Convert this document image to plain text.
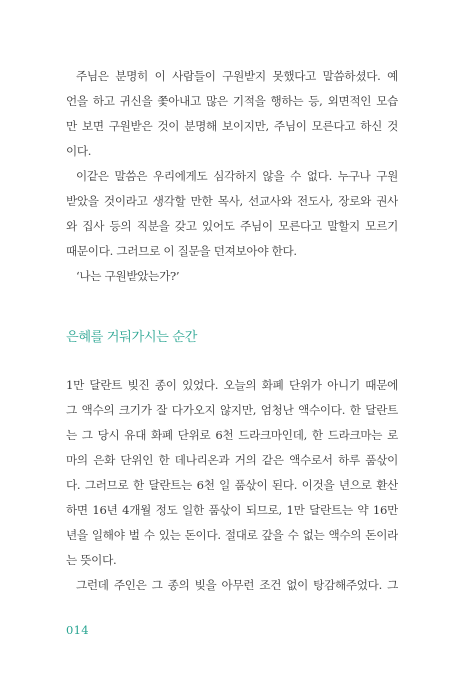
주님은 분명히 이 사람들이 구원받지 못했다고 말씀하셨다. 예
언을 하고 귀신을 쫓아내고 많은 기적을 행하는 등, 외면적인 모습
만 보면 구원받은 것이 분명해 보이지만, 주님이 모른다고 하신 것
이다.
이같은 말씀은 우리에게도 심각하지 않을 수 없다. 누구나 구원
받았을 것이라고 생각할 만한 목사, 선교사와 전도사, 장로와 권사
와 집사 등의 직분을 갖고 있어도 주님이 모른다고 말할지 모르기
때문이다. 그러므로 이 질문을 던져보아야 한다.
‘나는 구원받았는가?’
은혜를 거둬가시는 순간
1만 달란트 빚진 종이 있었다. 오늘의 화폐 단위가 아니기 때문에
그 액수의 크기가 잘 다가오지 않지만, 엄청난 액수이다. 한 달란트
는 그 당시 유대 화폐 단위로 6천 드라크마인데, 한 드라크마는 로
마의 은화 단위인 한 데나리온과 거의 같은 액수로서 하루 품삯이
다. 그러므로 한 달란트는 6천 일 품삯이 된다. 이것을 년으로 환산
하면 16년 4개월 정도 일한 품삯이 되므로, 1만 달란트는 약 16만
년을 일해야 벌 수 있는 돈이다. 절대로 갚을 수 없는 액수의 돈이라
는 뜻이다.
그런데 주인은 그 종의 빚을 아무런 조건 없이 탕감해주었다. 그
014
